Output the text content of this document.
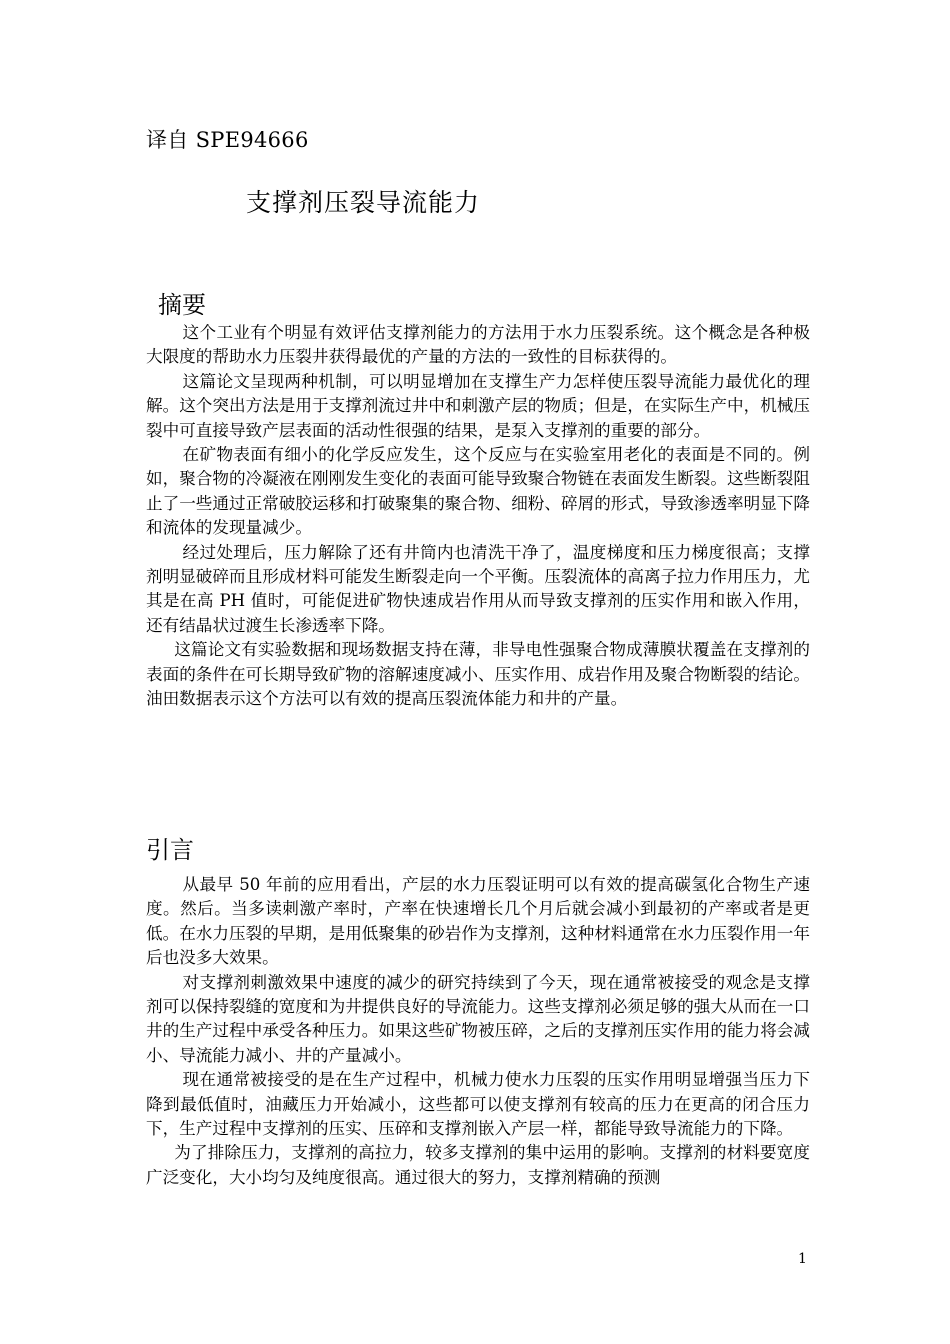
译自 SPE94666
支撑剂压裂导流能力
摘要

这个工业有个明显有效评估支撑剂能力的方法用于水力压裂系统。这个概念是各种极大限度的帮助水力压裂井获得最优的产量的方法的一致性的目标获得的。

这篇论文呈现两种机制，可以明显增加在支撑生产力怎样使压裂导流能力最优化的理解。这个突出方法是用于支撑剂流过井中和刺激产层的物质；但是，在实际生产中，机械压裂中可直接导致产层表面的活动性很强的结果，是泵入支撑剂的重要的部分。

在矿物表面有细小的化学反应发生，这个反应与在实验室用老化的表面是不同的。例如，聚合物的冷凝液在刚刚发生变化的表面可能导致聚合物链在表面发生断裂。这些断裂阻止了一些通过正常破胶运移和打破聚集的聚合物、细粉、碎屑的形式，导致渗透率明显下降和流体的发现量减少。

经过处理后，压力解除了还有井筒内也清洗干净了，温度梯度和压力梯度很高；支撑剂明显破碎而且形成材料可能发生断裂走向一个平衡。压裂流体的高离子拉力作用压力，尤其是在高 PH 值时，可能促进矿物快速成岩作用从而导致支撑剂的压实作用和嵌入作用，还有结晶状过渡生长渗透率下降。

这篇论文有实验数据和现场数据支持在薄，非导电性强聚合物成薄膜状覆盖在支撑剂的表面的条件在可长期导致矿物的溶解速度减小、压实作用、成岩作用及聚合物断裂的结论。油田数据表示这个方法可以有效的提高压裂流体能力和井的产量。

引言

从最早 50 年前的应用看出，产层的水力压裂证明可以有效的提高碳氢化合物生产速度。然后。当多读刺激产率时，产率在快速增长几个月后就会减小到最初的产率或者是更低。在水力压裂的早期，是用低聚集的砂岩作为支撑剂，这种材料通常在水力压裂作用一年后也没多大效果。

对支撑剂刺激效果中速度的减少的研究持续到了今天，现在通常被接受的观念是支撑剂可以保持裂缝的宽度和为井提供良好的导流能力。这些支撑剂必须足够的强大从而在一口井的生产过程中承受各种压力。如果这些矿物被压碎，之后的支撑剂压实作用的能力将会减小、导流能力减小、井的产量减小。

现在通常被接受的是在生产过程中，机械力使水力压裂的压实作用明显增强当压力下降到最低值时，油藏压力开始减小，这些都可以使支撑剂有较高的压力在更高的闭合压力下，生产过程中支撑剂的压实、压碎和支撑剂嵌入产层一样，都能导致导流能力的下降。

为了排除压力，支撑剂的高拉力，较多支撑剂的集中运用的影响。支撑剂的材料要宽度广泛变化，大小均匀及纯度很高。通过很大的努力，支撑剂精确的预测

1
